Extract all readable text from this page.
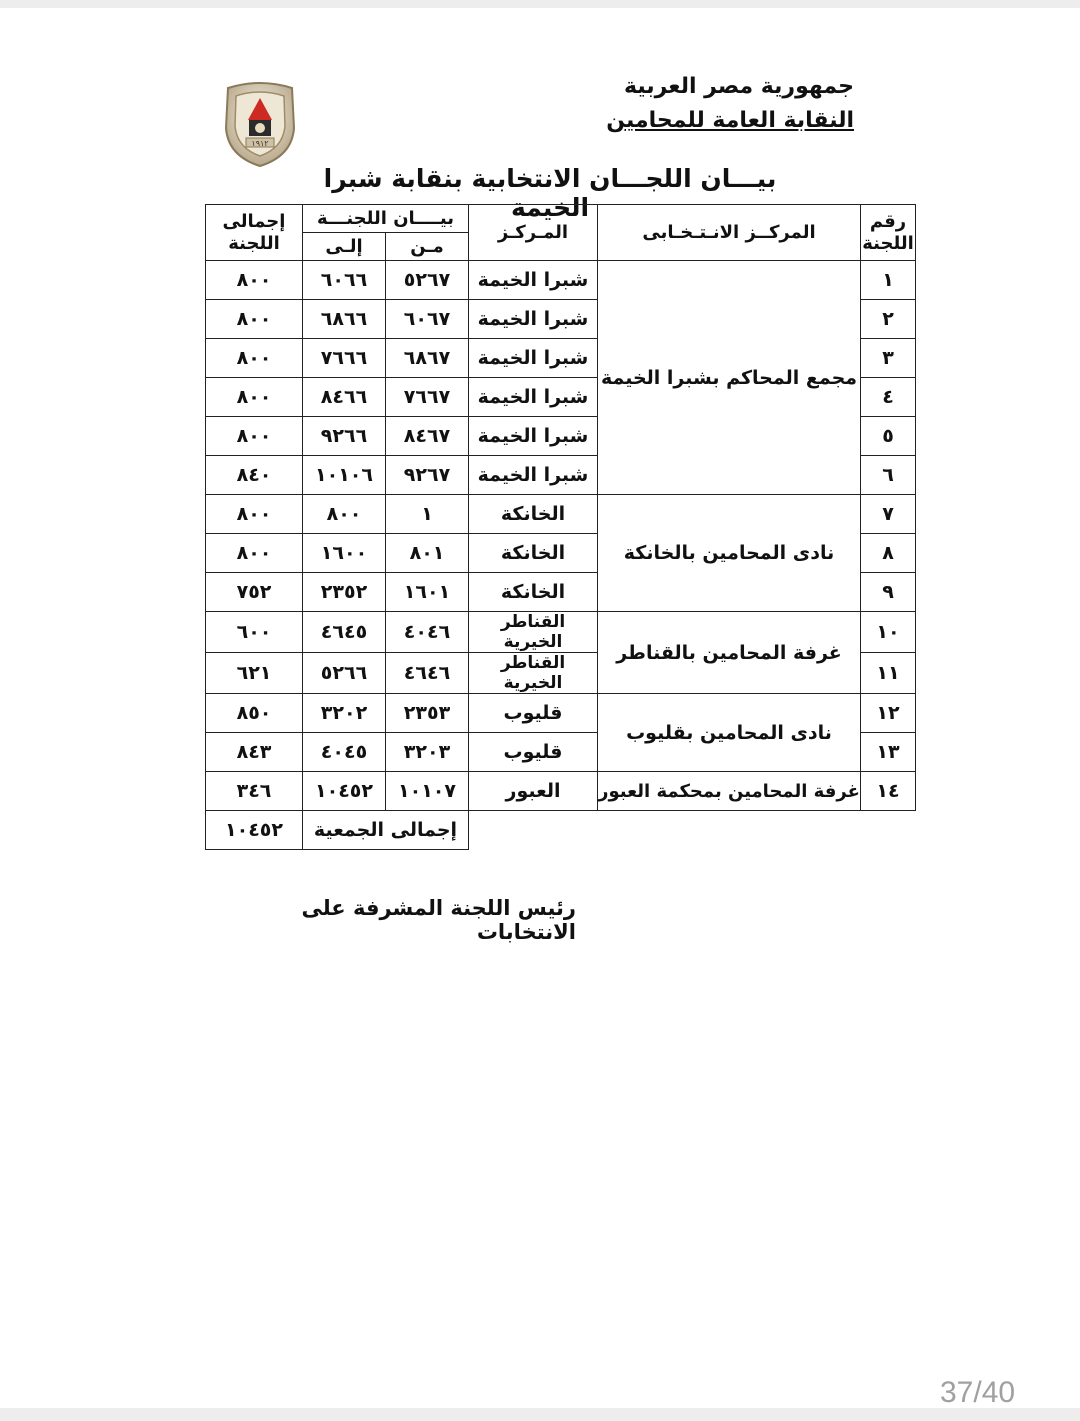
جمهورية مصر العربية
النقابة العامة للمحامين
١٩١٢
بيـــان اللجـــان الانتخابية بنقابة شبرا الخيمة	رقم اللجنة	المركــز الانـتـخـابى	المـركـز	بيــــان اللجنـــة		إجمالى اللجنة
			مـن	إلـى	
١	مجمع المحاكم بشبرا الخيمة	شبرا الخيمة	٥٢٦٧	٦٠٦٦	٨٠٠
٢		شبرا الخيمة	٦٠٦٧	٦٨٦٦	٨٠٠
٣		شبرا الخيمة	٦٨٦٧	٧٦٦٦	٨٠٠
٤		شبرا الخيمة	٧٦٦٧	٨٤٦٦	٨٠٠
٥		شبرا الخيمة	٨٤٦٧	٩٢٦٦	٨٠٠
٦		شبرا الخيمة	٩٢٦٧	١٠١٠٦	٨٤٠
٧	نادى المحامين بالخانكة	الخانكة	١	٨٠٠	٨٠٠
٨		الخانكة	٨٠١	١٦٠٠	٨٠٠
٩		الخانكة	١٦٠١	٢٣٥٢	٧٥٢
١٠	غرفة المحامين بالقناطر	القناطر الخيرية	٤٠٤٦	٤٦٤٥	٦٠٠
١١		القناطر الخيرية	٤٦٤٦	٥٢٦٦	٦٢١
١٢	نادى المحامين بقليوب	قليوب	٢٣٥٣	٣٢٠٢	٨٥٠
١٣		قليوب	٣٢٠٣	٤٠٤٥	٨٤٣
١٤	غرفة المحامين بمحكمة العبور	العبور	١٠١٠٧	١٠٤٥٢	٣٤٦
			إجمالى الجمعية		١٠٤٥٢
رئيس اللجنة المشرفة على الانتخابات
37/40
